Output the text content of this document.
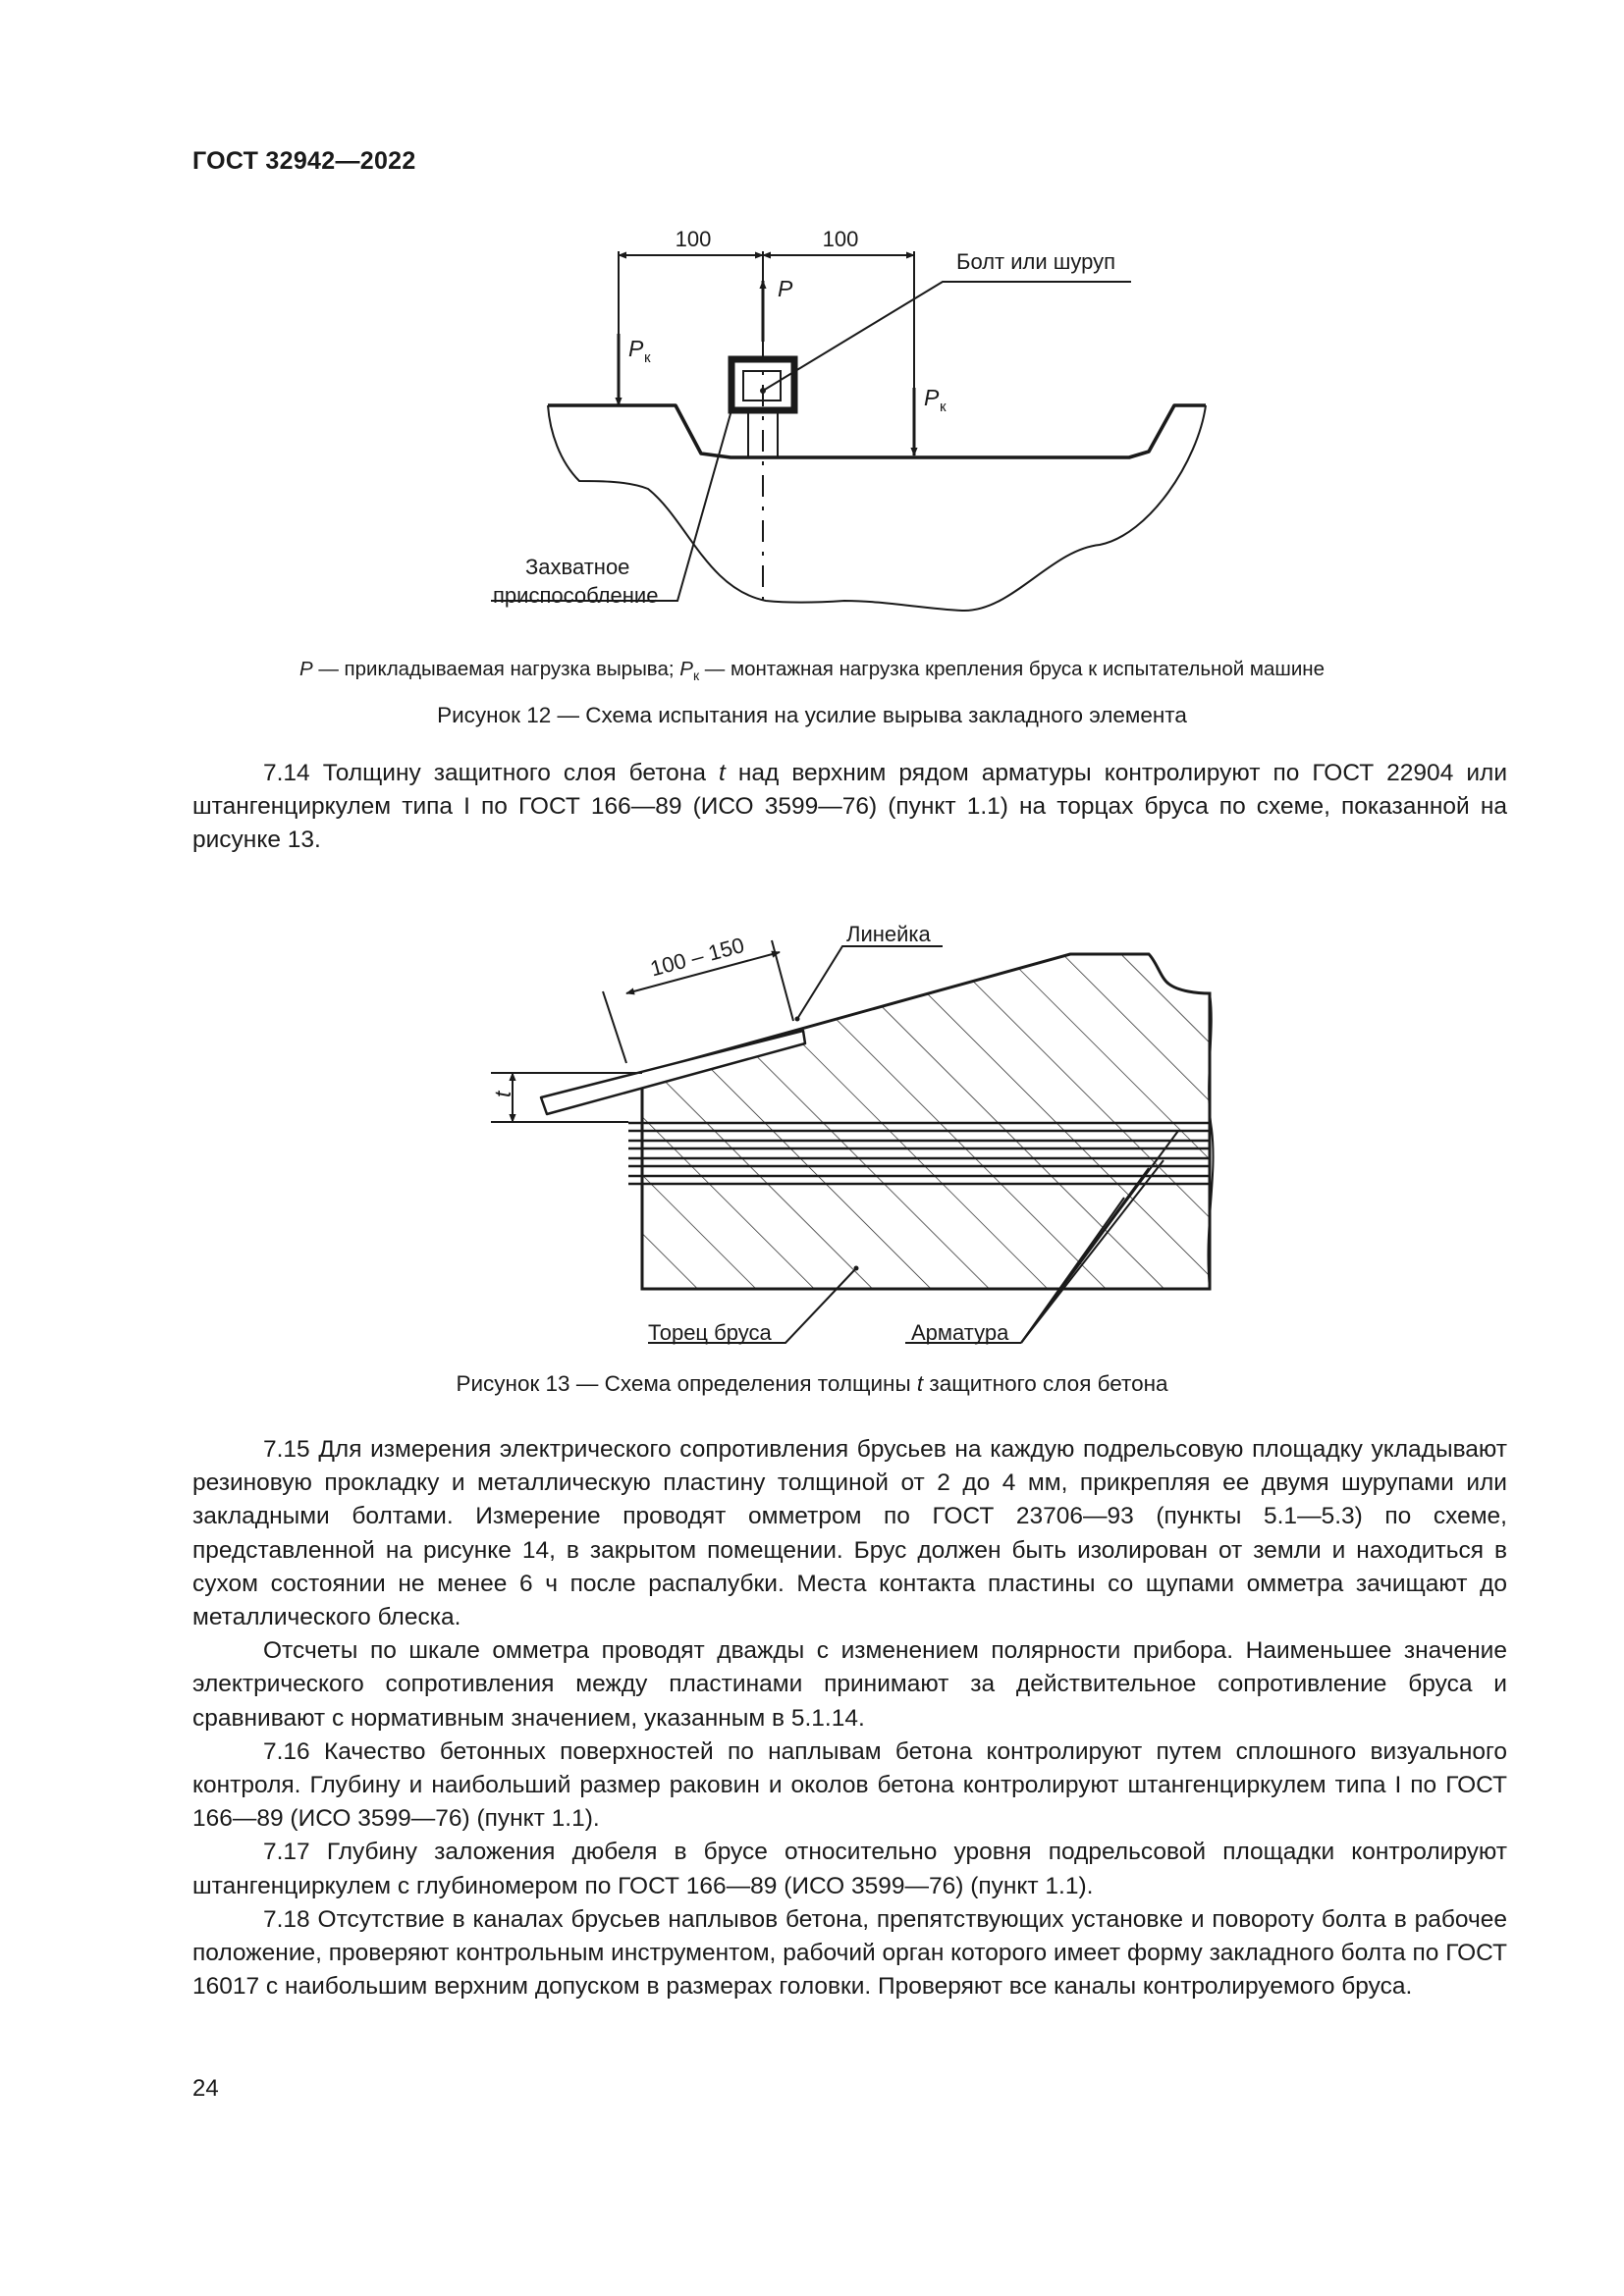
ГОСТ 32942—2022
100	100
P
P к
P к
Болт или шуруп
Захватное
приспособление
P — прикладываемая нагрузка вырыва; $P_к$ — монтажная нагрузка крепления бруса к испытательной машине
Рисунок 12 — Схема испытания на усилие вырыва закладного элемента

7.14 Толщину защитного слоя бетона t над верхним рядом арматуры контролируют по ГОСТ 22904 или штангенциркулем типа I по ГОСТ 166—89 (ИСО 3599—76) (пункт 1.1) на торцах бруса по схеме, показанной на рисунке 13.

100 – 150
t
Линейка
Торец бруса	Арматура
Рисунок 13 — Схема определения толщины t защитного слоя бетона

7.15 Для измерения электрического сопротивления брусьев на каждую подрельсовую площадку укладывают резиновую прокладку и металлическую пластину толщиной от 2 до 4 мм, прикрепляя ее двумя шурупами или закладными болтами. Измерение проводят омметром по ГОСТ 23706—93 (пункты 5.1—5.3) по схеме, представленной на рисунке 14, в закрытом помещении. Брус должен быть изолирован от земли и находиться в сухом состоянии не менее 6 ч после распалубки. Места контакта пластины со щупами омметра зачищают до металлического блеска.

Отсчеты по шкале омметра проводят дважды с изменением полярности прибора. Наименьшее значение электрического сопротивления между пластинами принимают за действительное сопротивление бруса и сравнивают с нормативным значением, указанным в 5.1.14.

7.16 Качество бетонных поверхностей по наплывам бетона контролируют путем сплошного визуального контроля. Глубину и наибольший размер раковин и околов бетона контролируют штангенциркулем типа I по ГОСТ 166—89 (ИСО 3599—76) (пункт 1.1).

7.17 Глубину заложения дюбеля в брусе относительно уровня подрельсовой площадки контролируют штангенциркулем с глубиномером по ГОСТ 166—89 (ИСО 3599—76) (пункт 1.1).

7.18 Отсутствие в каналах брусьев наплывов бетона, препятствующих установке и повороту болта в рабочее положение, проверяют контрольным инструментом, рабочий орган которого имеет форму закладного болта по ГОСТ 16017 с наибольшим верхним допуском в размерах головки. Проверяют все каналы контролируемого бруса.

24
